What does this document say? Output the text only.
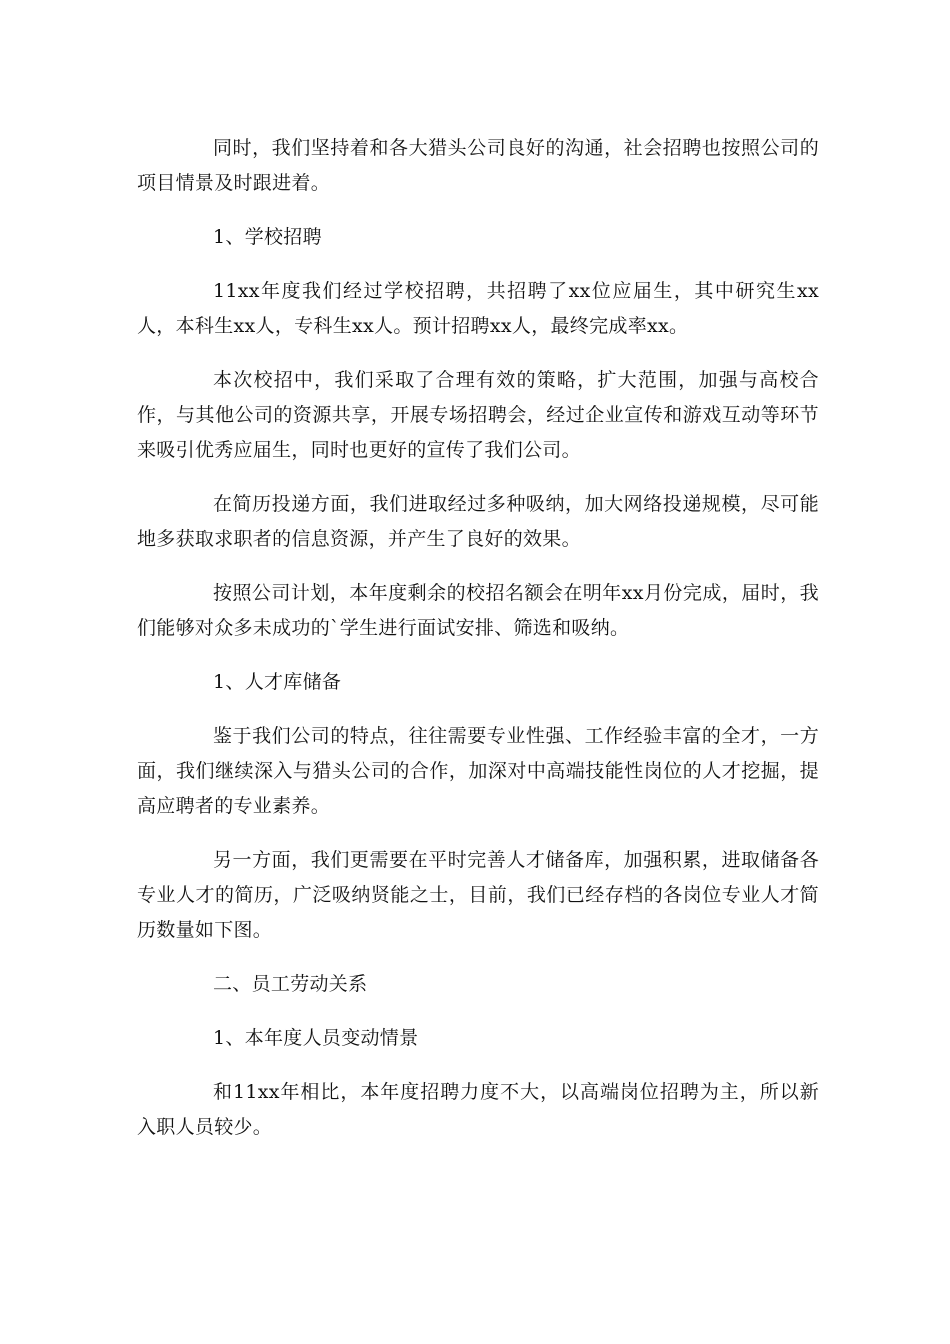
同时，我们坚持着和各大猎头公司良好的沟通，社会招聘也按照公司的项目情景及时跟进着。

1、学校招聘

11xx年度我们经过学校招聘，共招聘了xx位应届生，其中研究生xx人，本科生xx人，专科生xx人。预计招聘xx人，最终完成率xx。

本次校招中，我们采取了合理有效的策略，扩大范围，加强与高校合作，与其他公司的资源共享，开展专场招聘会，经过企业宣传和游戏互动等环节来吸引优秀应届生，同时也更好的宣传了我们公司。

在简历投递方面，我们进取经过多种吸纳，加大网络投递规模，尽可能地多获取求职者的信息资源，并产生了良好的效果。

按照公司计划，本年度剩余的校招名额会在明年xx月份完成，届时，我们能够对众多未成功的`学生进行面试安排、筛选和吸纳。

1、人才库储备

鉴于我们公司的特点，往往需要专业性强、工作经验丰富的全才，一方面，我们继续深入与猎头公司的合作，加深对中高端技能性岗位的人才挖掘，提高应聘者的专业素养。

另一方面，我们更需要在平时完善人才储备库，加强积累，进取储备各专业人才的简历，广泛吸纳贤能之士，目前，我们已经存档的各岗位专业人才简历数量如下图。

二、员工劳动关系

1、本年度人员变动情景

和11xx年相比，本年度招聘力度不大，以高端岗位招聘为主，所以新入职人员较少。
